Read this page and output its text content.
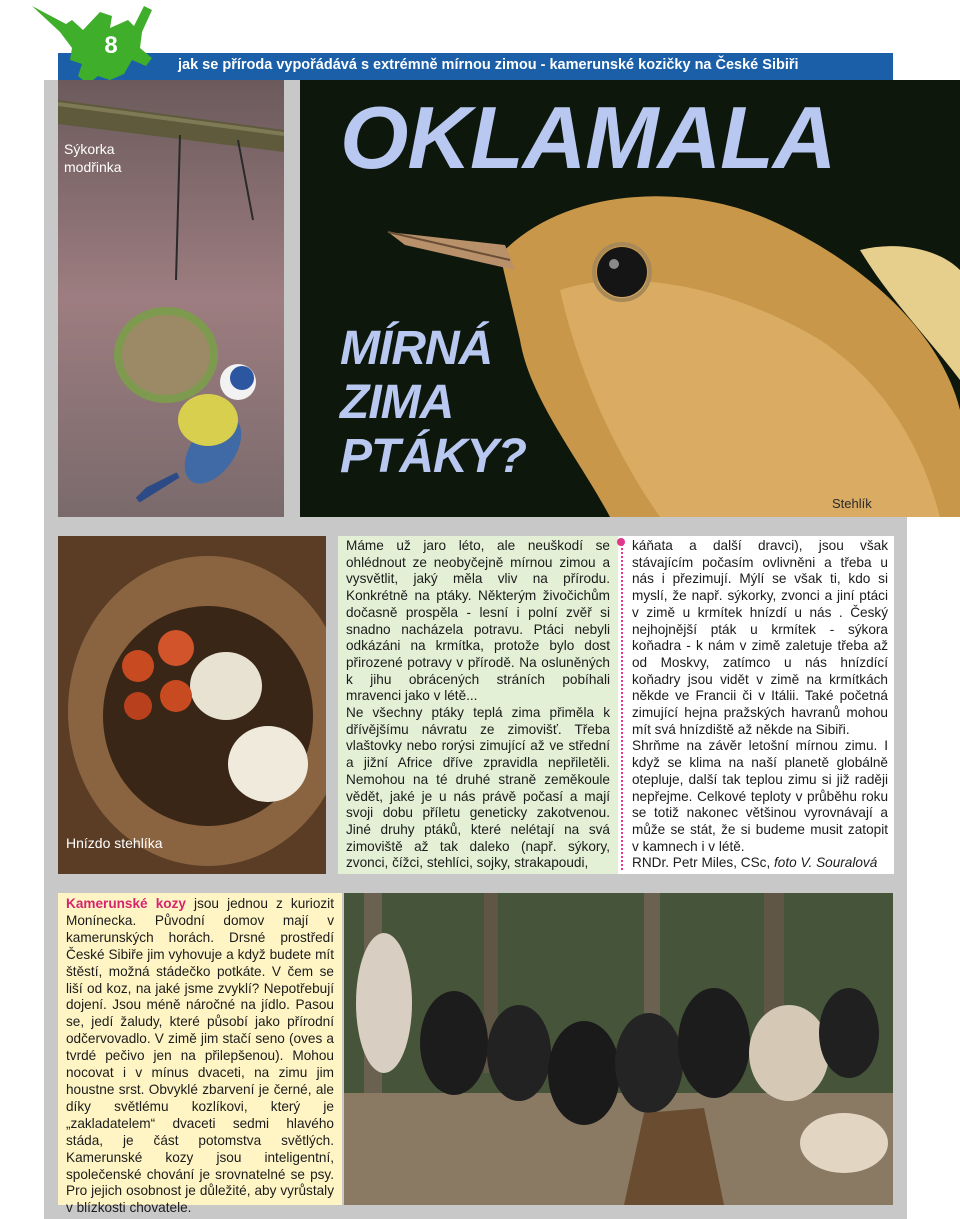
8
jak se příroda vypořádává s extrémně mírnou zimou - kamerunské kozičky na České Sibiři
Sýkorka modřinka	OKLAMALA
MÍRNÁ
ZIMA
PTÁKY?
Stehlík
Hnízdo stehlíka

Máme už jaro léto, ale neuškodí se ohlédnout ze neobyčejně mírnou zimou a vysvětlit, jaký měla vliv na přírodu. Konkrétně na ptáky. Některým živočichům dočasně prospěla - lesní i polní zvěř si snadno nacházela potravu. Ptáci nebyli odkázáni na krmítka, protože bylo dost přirozené potravy v přírodě. Na osluněných k jihu obrácených stráních pobíhali mravenci jako v létě...

Ne všechny ptáky teplá zima přiměla k dřívějšímu návratu ze zimovišť. Třeba vlaštovky nebo rorýsi zimující až ve střední a jižní Africe dříve zpravidla nepřiletěli. Nemohou na té druhé straně zeměkoule vědět, jaké je u nás právě počasí a mají svoji dobu příletu geneticky zakotvenou. Jiné druhy ptáků, které nelétají na svá zimoviště až tak daleko (např. sýkory, zvonci, čížci, stehlíci, sojky, strakapoudi,

káňata a další dravci), jsou však stávajícím počasím ovlivněni a třeba u nás i přezimují. Mýlí se však ti, kdo si myslí, že např. sýkorky, zvonci a jiní ptáci v zimě u krmítek hnízdí u nás . Český nejhojnější pták u krmítek - sýkora koňadra - k nám v zimě zaletuje třeba až od Moskvy, zatímco u nás hnízdící koňadry jsou vidět v zimě na krmítkách někde ve Francii či v Itálii. Také početná zimující hejna pražských havranů mohou mít svá hnízdiště až někde na Sibiři.

Shrňme na závěr letošní mírnou zimu. I když se klima na naší planetě globálně otepluje, další tak teplou zimu si již raději nepřejme. Celkové teploty v průběhu roku se totiž nakonec většinou vyrovnávají a může se stát, že si budeme musit zatopit v kamnech i v létě.

RNDr. Petr Miles, CSc, foto V. Souralová

Kamerunské kozy jsou jednou z kuriozit Monínecka. Původní domov mají v kamerunských horách. Drsné prostředí České Sibiře jim vyhovuje a když budete mít štěstí, možná stádečko potkáte. V čem se liší od koz, na jaké jsme zvyklí? Nepotřebují dojení. Jsou méně náročné na jídlo. Pasou se, jedí žaludy, které působí jako přírodní odčervovadlo. V zimě jim stačí seno (oves a tvrdé pečivo jen na přilepšenou). Mohou nocovat i v mínus dvaceti, na zimu jim houstne srst. Obvyklé zbarvení je černé, ale díky světlému kozlíkovi, který je „zakladatelem“ dvaceti sedmi hlavého stáda, je část potomstva světlých. Kamerunské kozy jsou inteligentní, společenské chování je srovnatelné se psy. Pro jejich osobnost je důležité, aby vyrůstaly v blízkosti chovatele.
